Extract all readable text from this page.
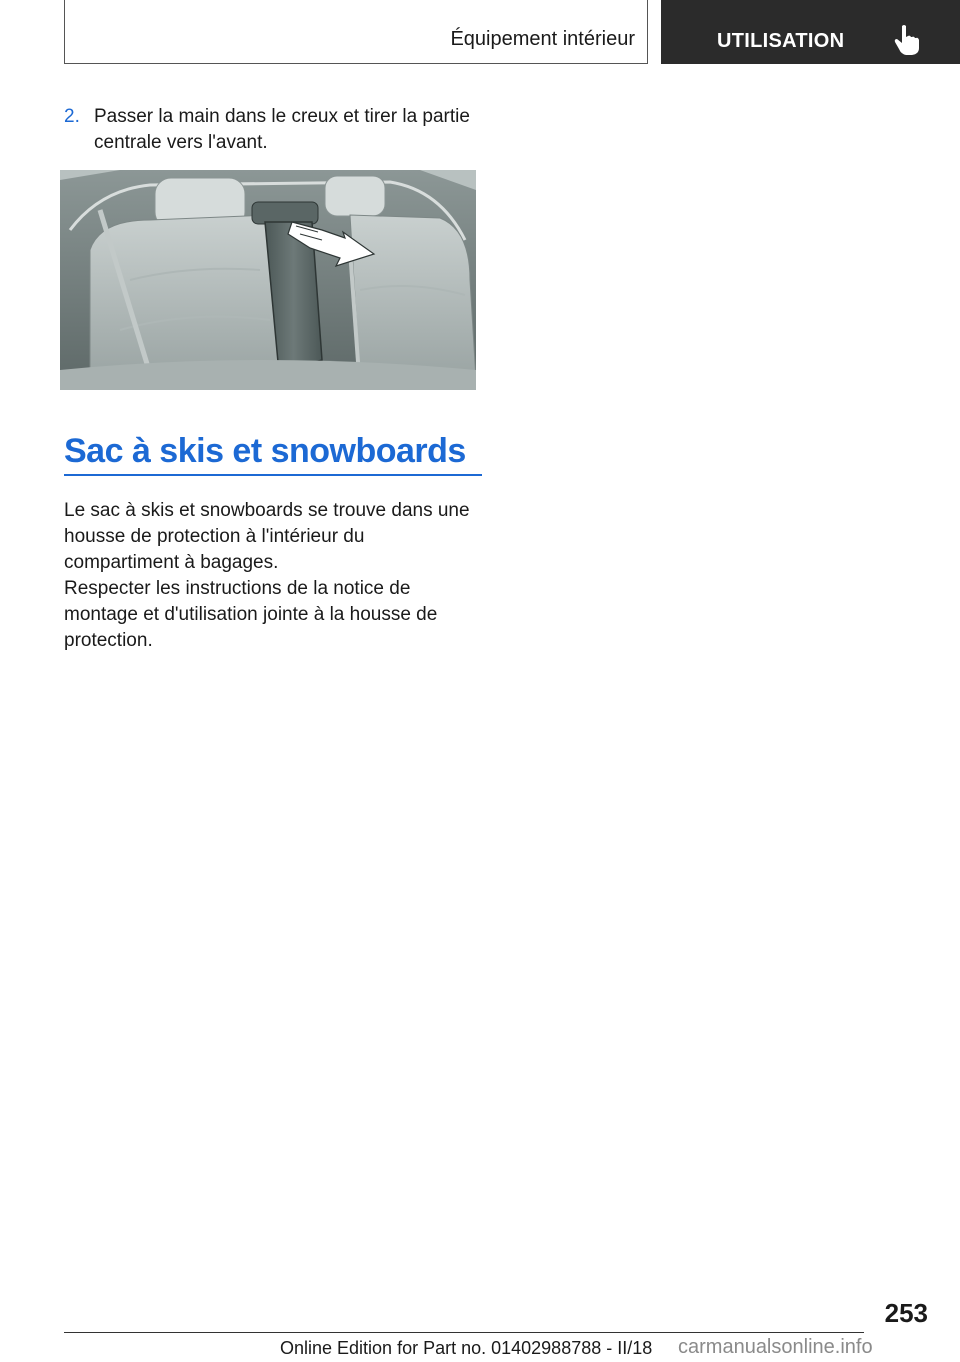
Équipement intérieur	UTILISATION
2. Passer la main dans le creux et tirer la partie centrale vers l'avant.
Sac à skis et snowboards
Le sac à skis et snowboards se trouve dans une housse de protection à l'intérieur du compartiment à bagages.
Respecter les instructions de la notice de montage et d'utilisation jointe à la housse de protection.
253
Online Edition for Part no. 01402988788 - II/18 carmanualsonline.info
